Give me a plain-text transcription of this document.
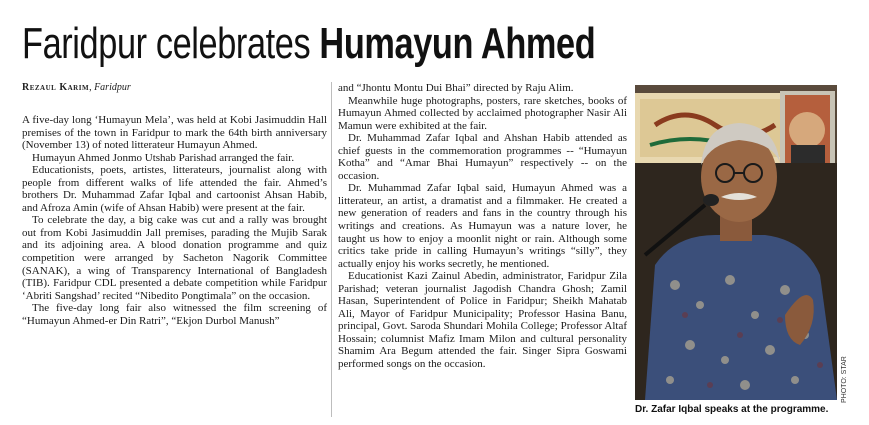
Faridpur celebrates Humayun Ahmed
Rezaul Karim, Faridpur

A five-day long ‘Humayun Mela’, was held at Kobi Jasimuddin Hall premises of the town in Faridpur to mark the 64th birth anniversary (November 13) of noted litterateur Humayun Ahmed.

Humayun Ahmed Jonmo Utshab Parishad arranged the fair.

Educationists, poets, artistes, litterateurs, journalist along with people from different walks of life attended the fair. Ahmed’s brothers Dr. Muhammad Zafar Iqbal and cartoonist Ahsan Habib, and Afroza Amin (wife of Ahsan Habib) were present at the fair.

To celebrate the day, a big cake was cut and a rally was brought out from Kobi Jasimuddin Jall premises, parading the Mujib Sarak and its adjoining area. A blood donation programme and quiz competition were arranged by Sacheton Nagorik Committee (SANAK), a wing of Transparency International of Bangladesh (TIB). Faridpur CDL presented a debate competition while Faridpur ‘Abriti Sangshad’ recited “Nibedito Pongtimala” on the occasion.

The five-day long fair also witnessed the film screening of “Humayun Ahmed-er Din Ratri”, “Ekjon Durbol Manush”

and “Jhontu Montu Dui Bhai” directed by Raju Alim.

Meanwhile huge photographs, posters, rare sketches, books of Humayun Ahmed collected by acclaimed photographer Nasir Ali Mamun were exhibited at the fair.

Dr. Muhammad Zafar Iqbal and Ahshan Habib attended as chief guests in the commemoration programmes -- “Humayun Kotha” and “Amar Bhai Humayun” respectively -- on the occasion.

Dr. Muhammad Zafar Iqbal said, Humayun Ahmed was a litterateur, an artist, a dramatist and a filmmaker. He created a new generation of readers and fans in the country through his writings and creations. As Humayun was a nature lover, he taught us how to enjoy a moonlit night or rain. Although some critics take pride in calling Humayun’s writings “silly”, they actually enjoy his works secretly, he mentioned.

Educationist Kazi Zainul Abedin, administrator, Faridpur Zila Parishad; veteran journalist Jagodish Chandra Ghosh; Zamil Hasan, Superintendent of Police in Faridpur; Sheikh Mahatab Ali, Mayor of Faridpur Municipality; Professor Hasina Banu, principal, Govt. Saroda Shundari Mohila College; Professor Altaf Hossain; columnist Mafiz Imam Milon and cultural personality Shamim Ara Begum attended the fair. Singer Sipra Goswami performed songs on the occasion.

Dr. Zafar Iqbal speaks at the programme.
PHOTO: STAR
